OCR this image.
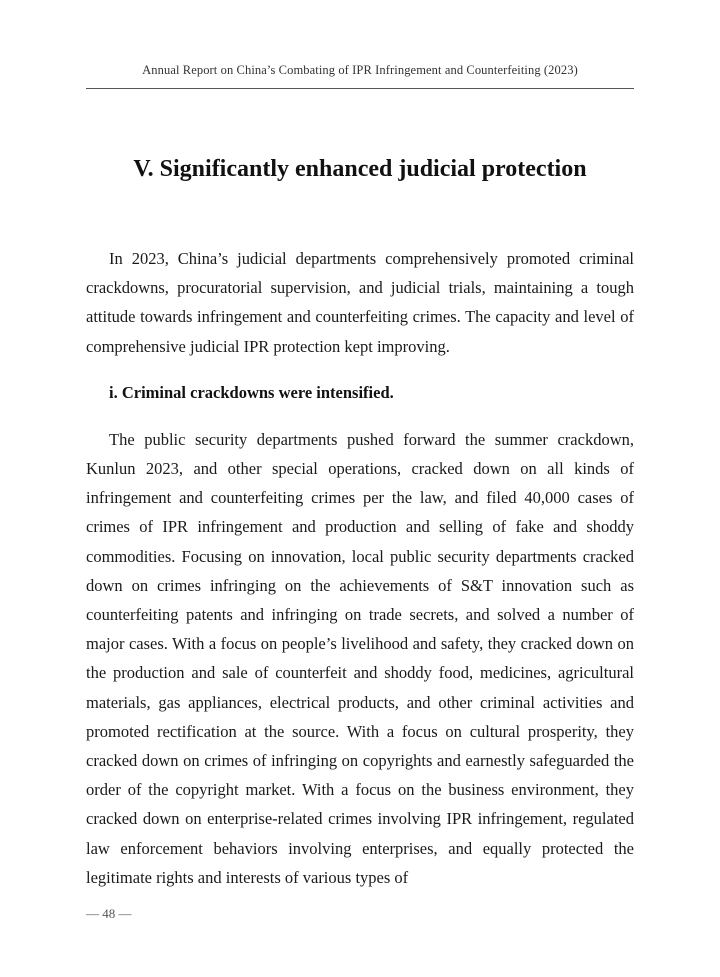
Annual Report on China’s Combating of IPR Infringement and Counterfeiting (2023)
V. Significantly enhanced judicial protection

In 2023, China’s judicial departments comprehensively promoted criminal crackdowns, procuratorial supervision, and judicial trials, maintaining a tough attitude towards infringement and counterfeiting crimes. The capacity and level of comprehensive judicial IPR protection kept improving.

i. Criminal crackdowns were intensified.

The public security departments pushed forward the summer crackdown, Kunlun 2023, and other special operations, cracked down on all kinds of infringement and counterfeiting crimes per the law, and filed 40,000 cases of crimes of IPR infringement and production and selling of fake and shoddy commodities. Focusing on innovation, local public security departments cracked down on crimes infringing on the achievements of S&T innovation such as counterfeiting patents and infringing on trade secrets, and solved a number of major cases. With a focus on people’s livelihood and safety, they cracked down on the production and sale of counterfeit and shoddy food, medicines, agricultural materials, gas appliances, electrical products, and other criminal activities and promoted rectification at the source. With a focus on cultural prosperity, they cracked down on crimes of infringing on copyrights and earnestly safeguarded the order of the copyright market. With a focus on the business environment, they cracked down on enterprise-related crimes involving IPR infringement, regulated law enforcement behaviors involving enterprises, and equally protected the legitimate rights and interests of various types of

— 48 —
